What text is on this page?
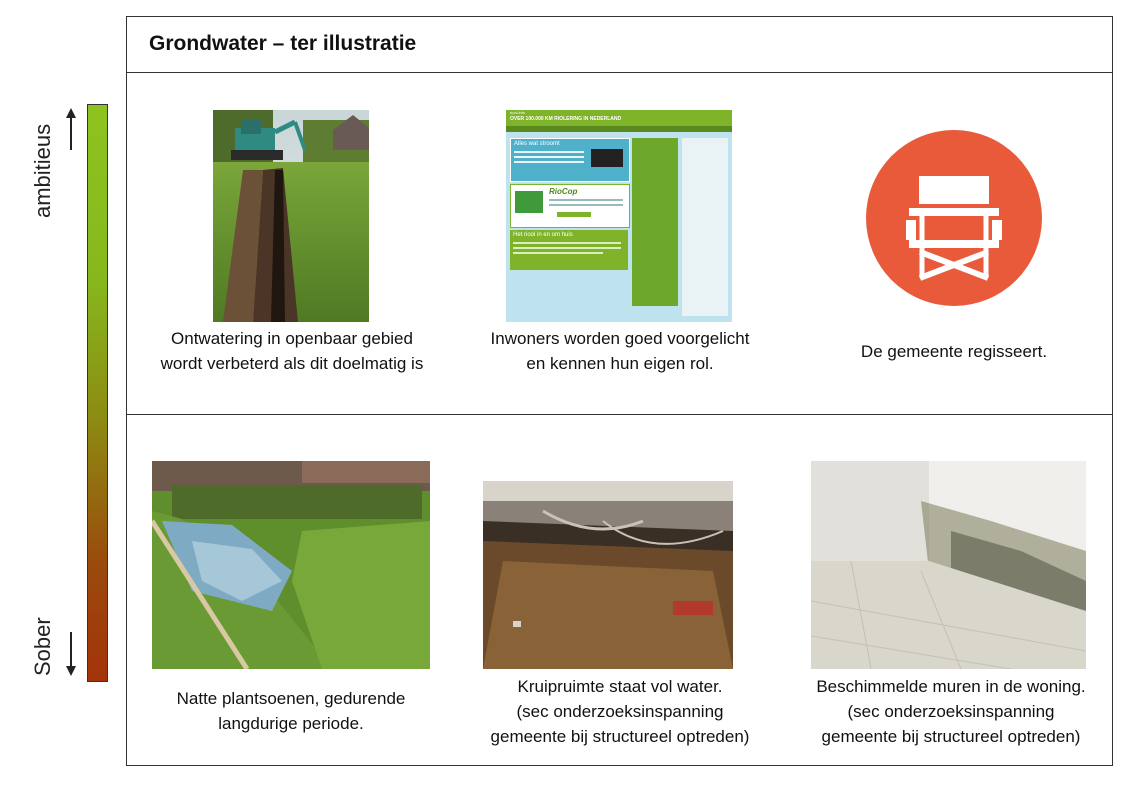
ambitieus
Sober
Grondwater – ter illustratie
Ontwatering in openbaar gebied
wordt verbeterd als dit doelmatig is
riool.info
OVER 100.000 KM RIOLERING IN NEDERLAND
Alles wat stroomt
RioCop
Het riool in en om huis
Inwoners worden goed voorgelicht
en kennen hun eigen rol.
De gemeente regisseert.
Natte plantsoenen, gedurende
langdurige periode.
Kruipruimte staat vol water.
(sec onderzoeksinspanning
gemeente bij structureel optreden)
Beschimmelde muren in de woning.
(sec onderzoeksinspanning
gemeente bij structureel optreden)
